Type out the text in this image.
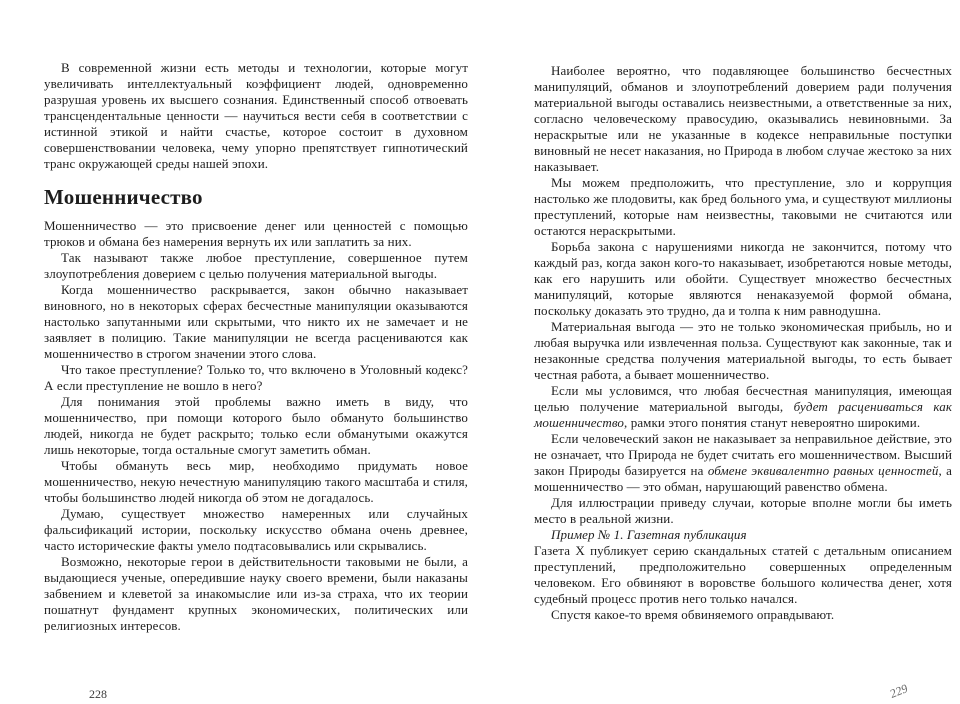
В современной жизни есть методы и технологии, которые могут увеличивать интеллектуальный коэффициент людей, одновременно разрушая уровень их высшего сознания. Единственный способ отвоевать трансцендентальные ценности — научиться вести себя в соответствии с истинной этикой и найти счастье, которое состоит в духовном совершенствовании человека, чему упорно препятствует гипнотический транс окружающей среды нашей эпохи.

Мошенничество

Мошенничество — это присвоение денег или ценностей с помощью трюков и обмана без намерения вернуть их или заплатить за них.

Так называют также любое преступление, совершенное путем злоупотребления доверием с целью получения материальной выгоды.

Когда мошенничество раскрывается, закон обычно наказывает виновного, но в некоторых сферах бесчестные манипуляции оказываются настолько запутанными или скрытыми, что никто их не замечает и не заявляет в полицию. Такие манипуляции не всегда расцениваются как мошенничество в строгом значении этого слова.

Что такое преступление? Только то, что включено в Уголовный кодекс? А если преступление не вошло в него?

Для понимания этой проблемы важно иметь в виду, что мошенничество, при помощи которого было обмануто большинство людей, никогда не будет раскрыто; только если обманутыми окажутся лишь некоторые, тогда остальные смогут заметить обман.

Чтобы обмануть весь мир, необходимо придумать новое мошенничество, некую нечестную манипуляцию такого масштаба и стиля, чтобы большинство людей никогда об этом не догадалось.

Думаю, существует множество намеренных или случайных фальсификаций истории, поскольку искусство обмана очень древнее, часто исторические факты умело подтасовывались или скрывались.

Возможно, некоторые герои в действительности таковыми не были, а выдающиеся ученые, опередившие науку своего времени, были наказаны забвением и клеветой за инакомыслие или из-за страха, что их теории пошатнут фундамент крупных экономических, политических или религиозных интересов.

228

Наиболее вероятно, что подавляющее большинство бесчестных манипуляций, обманов и злоупотреблений доверием ради получения материальной выгоды оставались неизвестными, а ответственные за них, согласно человеческому правосудию, оказывались невиновными. За нераскрытые или не указанные в кодексе неправильные поступки виновный не несет наказания, но Природа в любом случае жестоко за них наказывает.

Мы можем предположить, что преступление, зло и коррупция настолько же плодовиты, как бред больного ума, и существуют миллионы преступлений, которые нам неизвестны, таковыми не считаются или остаются нераскрытыми.

Борьба закона с нарушениями никогда не закончится, потому что каждый раз, когда закон кого-то наказывает, изобретаются новые методы, как его нарушить или обойти. Существует множество бесчестных манипуляций, которые являются ненаказуемой формой обмана, поскольку доказать это трудно, да и толпа к ним равнодушна.

Материальная выгода — это не только экономическая прибыль, но и любая выручка или извлеченная польза. Существуют как законные, так и незаконные средства получения материальной выгоды, то есть бывает честная работа, а бывает мошенничество.

Если мы условимся, что любая бесчестная манипуляция, имеющая целью получение материальной выгоды, будет расцениваться как мошенничество, рамки этого понятия станут невероятно широкими.

Если человеческий закон не наказывает за неправильное действие, это не означает, что Природа не будет считать его мошенничеством. Высший закон Природы базируется на обмене эквивалентно равных ценностей, а мошенничество — это обман, нарушающий равенство обмена.

Для иллюстрации приведу случаи, которые вполне могли бы иметь место в реальной жизни.

Пример № 1. Газетная публикация

Газета X публикует серию скандальных статей с детальным описанием преступлений, предположительно совершенных определенным человеком. Его обвиняют в воровстве большого количества денег, хотя судебный процесс против него только начался.

Спустя какое-то время обвиняемого оправдывают.

229
